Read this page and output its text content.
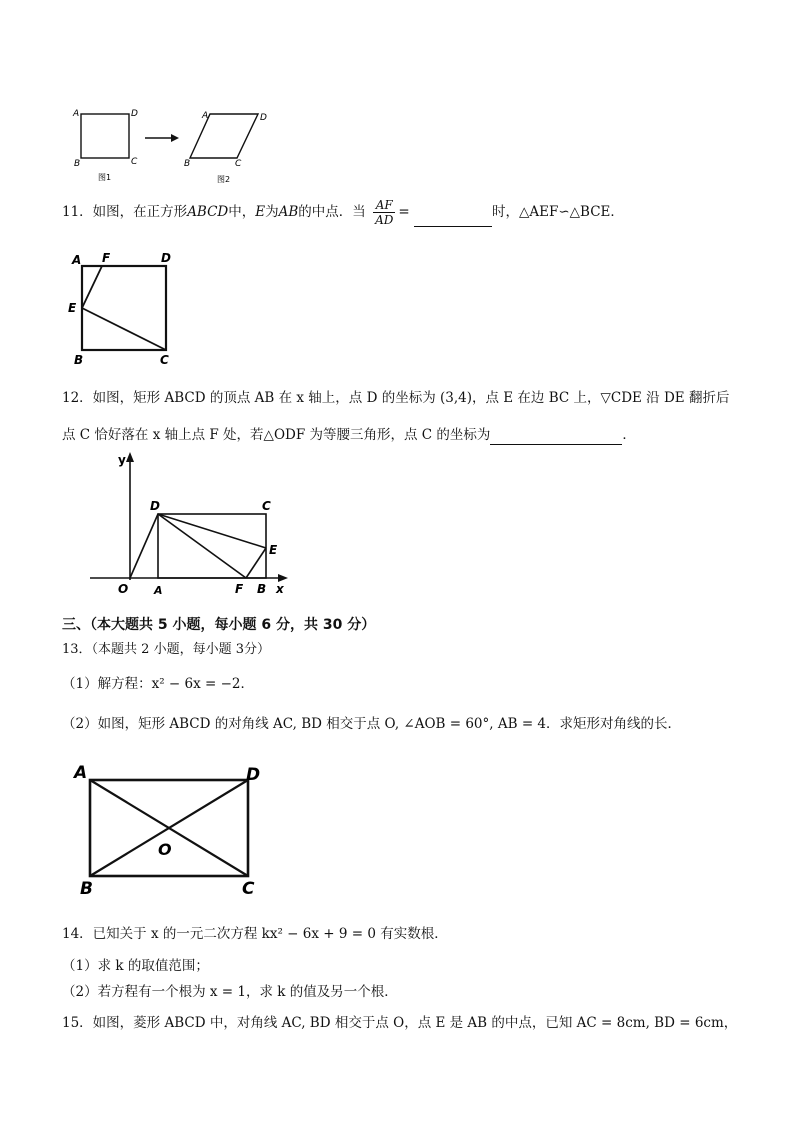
A	D
B	C
图1
A	D
B	C
图2
11．如图，在正方形ABCD中，E为AB的中点．当 $\frac{AF}{AD}$ =	时，△AEF∽△BCE．
A F	D
E
B	C
12．如图，矩形 ABCD 的顶点 AB 在 x 轴上，点 D 的坐标为 (3,4)，点 E 在边 BC 上，▽CDE 沿 DE 翻折后
点 C 恰好落在 x 轴上点 F 处，若△ODF 为等腰三角形，点 C 的坐标为	．
y
D	C
E
O A	F B x
三、（本大题共 5 小题，每小题 6 分，共 30 分）
13．（本题共 2 小题，每小题 3分）
（1）解方程：x² − 6x = −2．
（2）如图，矩形 ABCD 的对角线 AC, BD 相交于点 O, ∠AOB = 60°, AB = 4．求矩形对角线的长．
A	D
O
B	C
14．已知关于 x 的一元二次方程 kx² − 6x + 9 = 0 有实数根．
（1）求 k 的取值范围；
（2）若方程有一个根为 x = 1，求 k 的值及另一个根．
15．如图，菱形 ABCD 中，对角线 AC, BD 相交于点 O，点 E 是 AB 的中点，已知 AC = 8cm, BD = 6cm，
